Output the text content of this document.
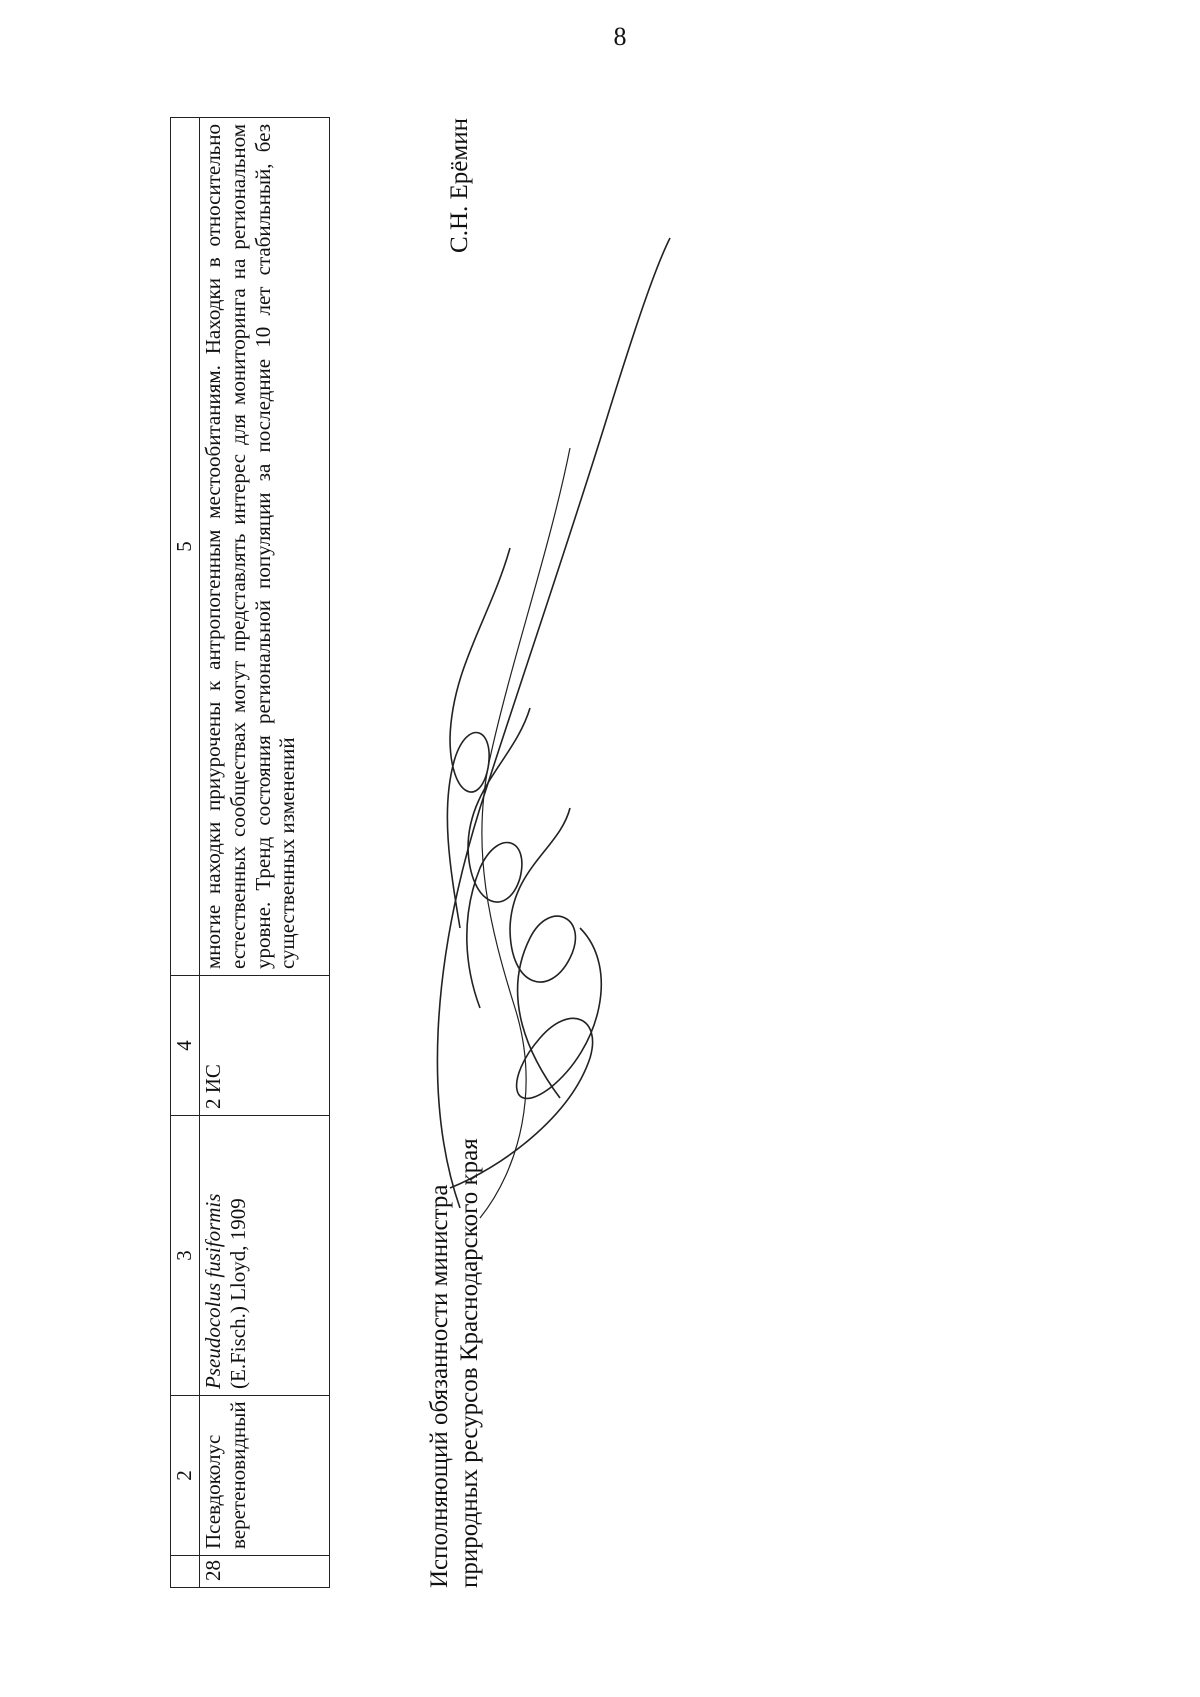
8
	2	3	4	5
28	Псевдоколус веретеновидный	Pseudocolus fusiformis (E.Fisch.) Lloyd, 1909	2 ИС	многие находки приурочены к антропогенным местообитаниям. Находки в относительно естественных сообществах могут представлять интерес для мониторинга на региональном уровне. Тренд состояния региональной популяции за последние 10 лет стабильный, без существенных изменений
Исполняющий обязанности министра природных ресурсов Краснодарского края
С.Н. Ерёмин
